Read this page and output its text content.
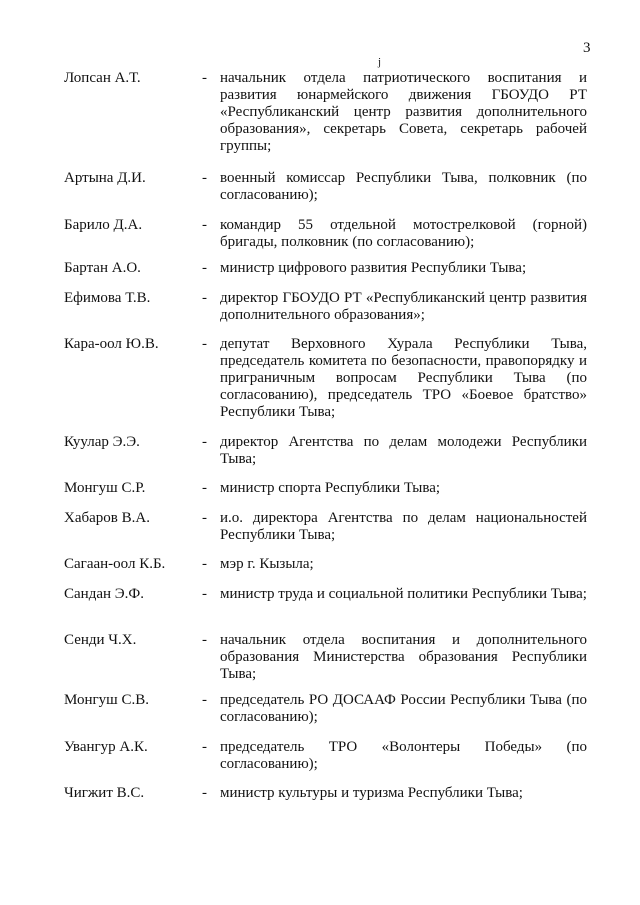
3
j
Лопсан А.Т.	- начальник отдела патриотического воспитания и развития юнармейского движения ГБОУДО РТ «Республиканский центр развития дополнительного образования», секретарь Совета, секретарь рабочей группы;
Артына Д.И.	- военный комиссар Республики Тыва, полковник (по согласованию);
Барило Д.А.	- командир 55 отдельной мотострелковой (горной) бригады, полковник (по согласованию);
Бартан А.О.	- министр цифрового развития Республики Тыва;
Ефимова Т.В.	- директор ГБОУДО РТ «Республиканский центр развития дополнительного образования»;
Кара-оол Ю.В.	- депутат Верховного Хурала Республики Тыва, председатель комитета по безопасности, правопорядку и приграничным вопросам Республики Тыва (по согласованию), председатель ТРО «Боевое братство» Республики Тыва;
Куулар Э.Э.	- директор Агентства по делам молодежи Республики Тыва;
Монгуш С.Р.	- министр спорта Республики Тыва;
Хабаров В.А.	- и.о. директора Агентства по делам национальностей Республики Тыва;
Сагаан-оол К.Б. - мэр г. Кызыла;
Сандан Э.Ф.	- министр труда и социальной политики Республики Тыва;
Сенди Ч.Х.	- начальник отдела воспитания и дополнительного образования Министерства образования Республики Тыва;
Монгуш С.В.	- председатель РО ДОСААФ России Республики Тыва (по согласованию);
Увангур А.К.	- председатель ТРО «Волонтеры Победы» (по согласованию);
Чигжит В.С.	- министр культуры и туризма Республики Тыва;
